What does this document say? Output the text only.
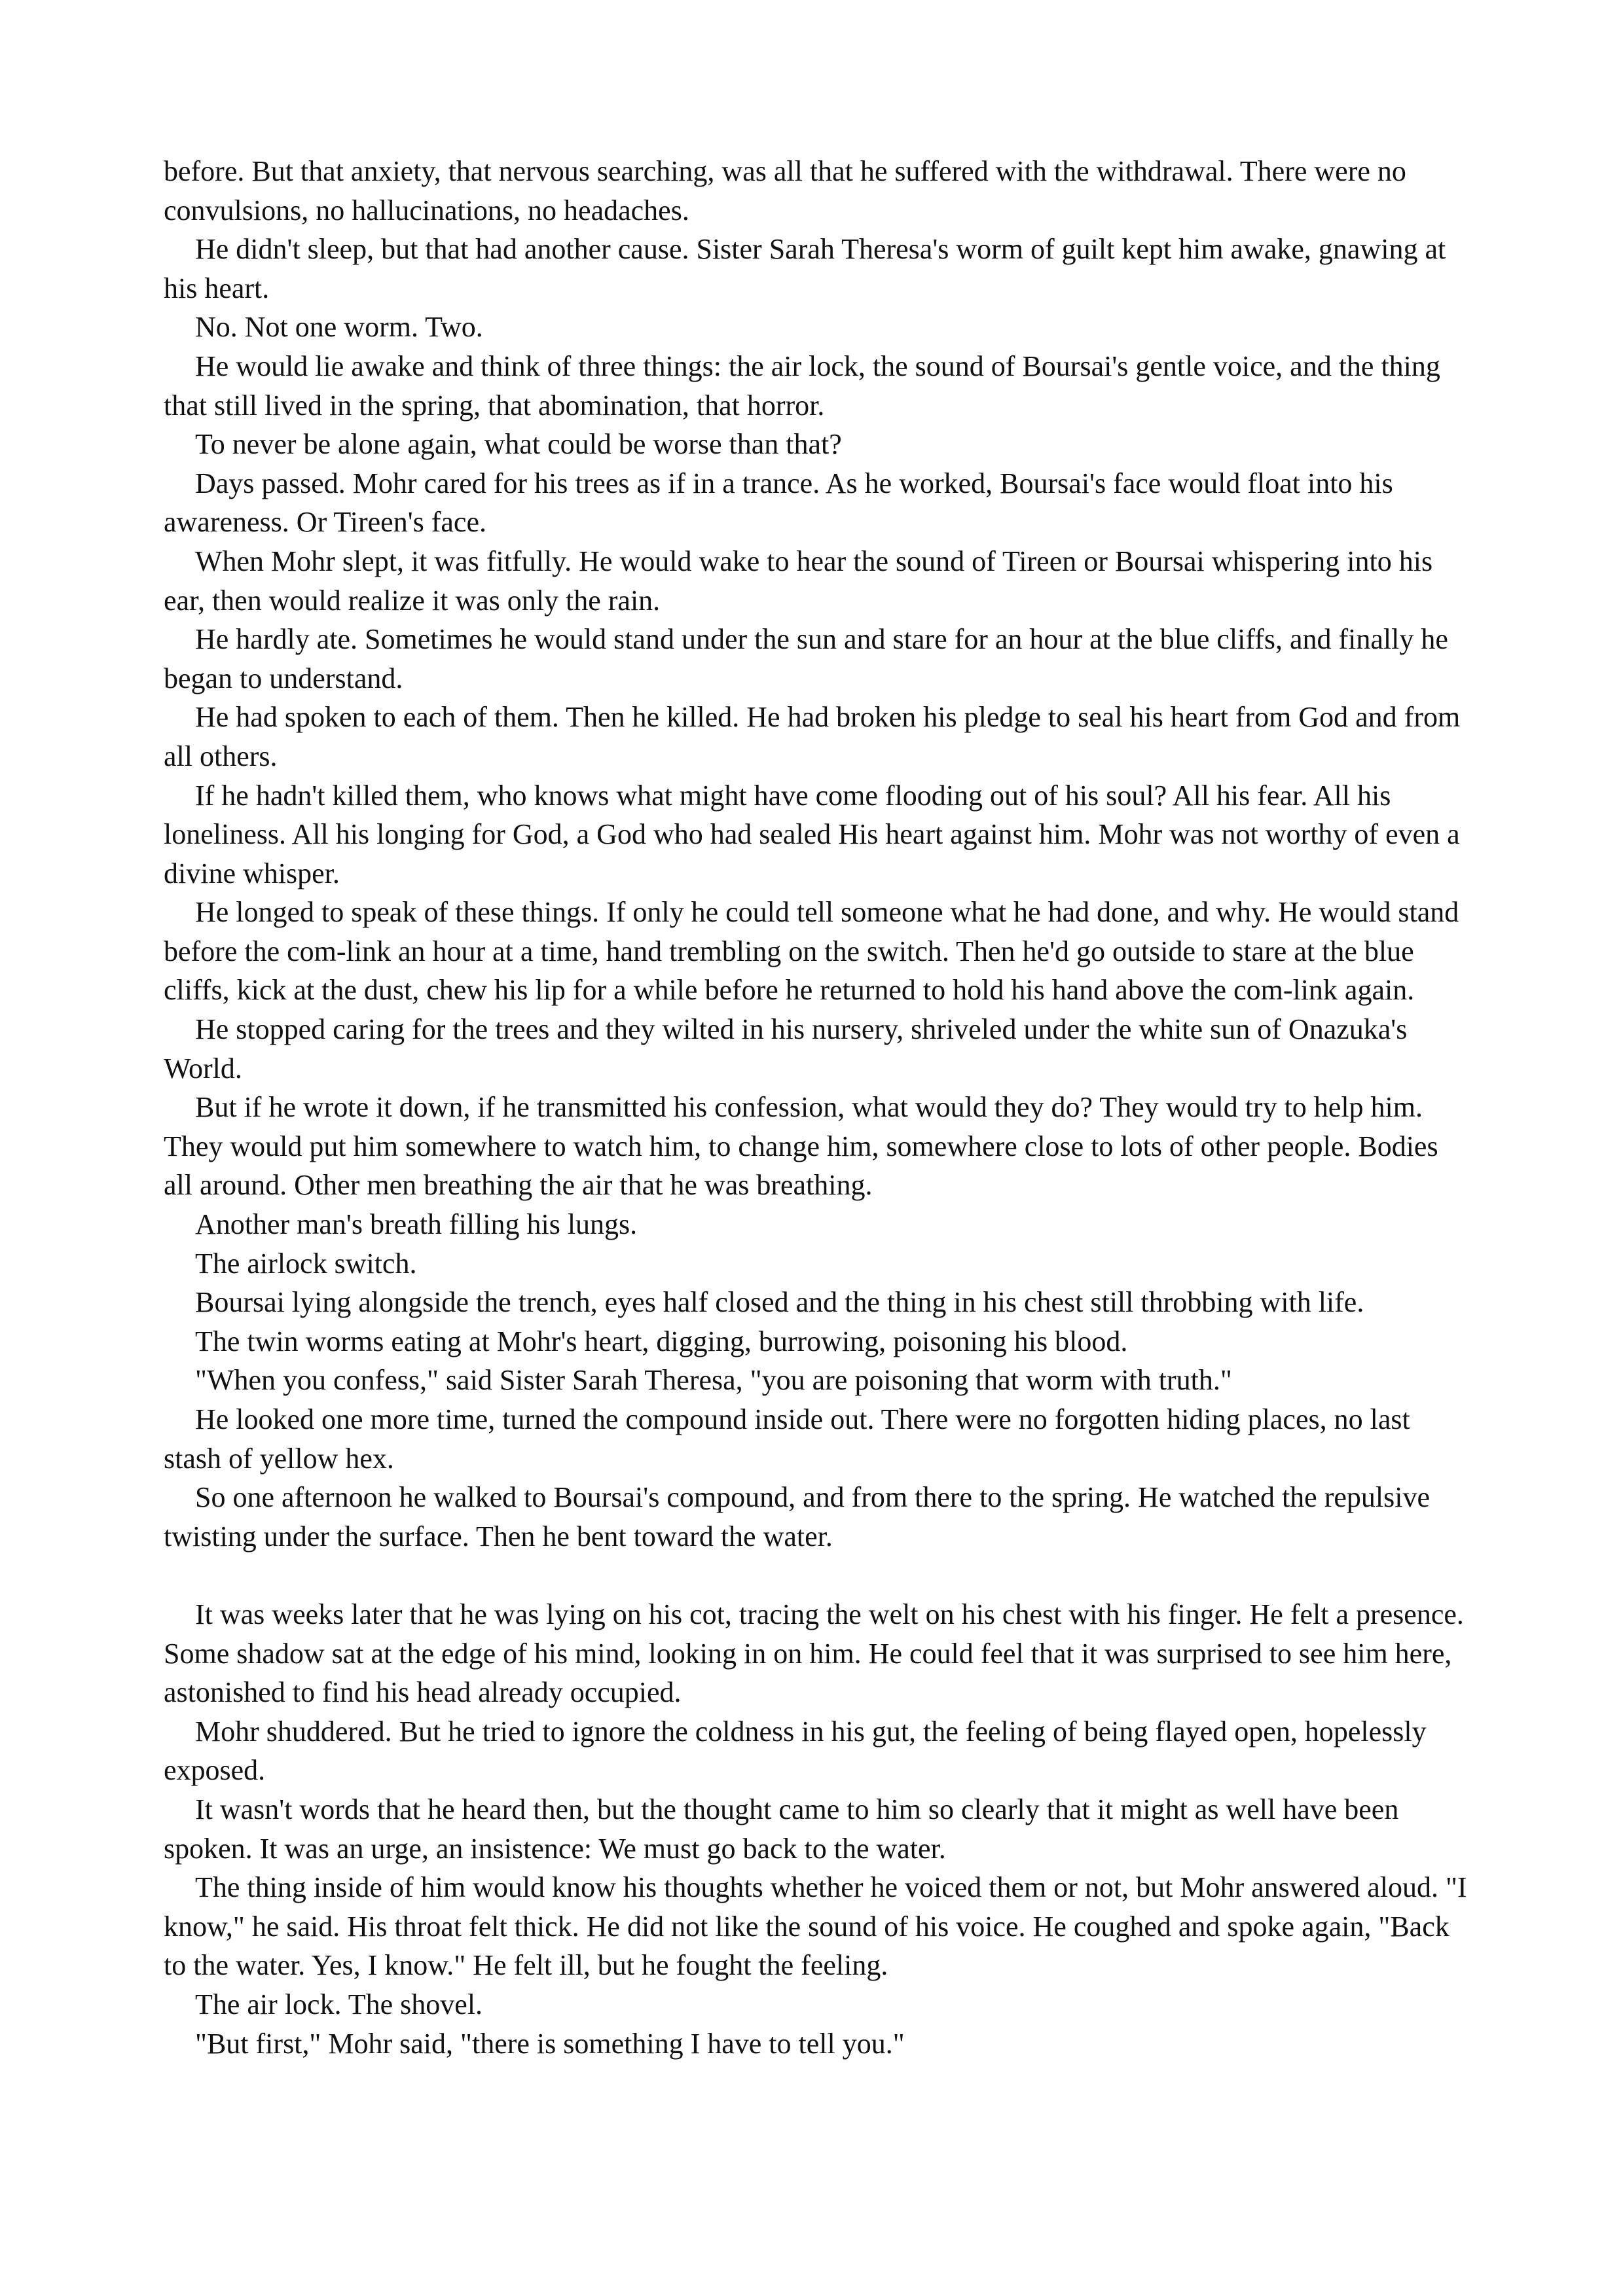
before. But that anxiety, that nervous searching, was all that he suffered with the withdrawal. There were no convulsions, no hallucinations, no headaches.

He didn't sleep, but that had another cause. Sister Sarah Theresa's worm of guilt kept him awake, gnawing at his heart.

No. Not one worm. Two.

He would lie awake and think of three things: the air lock, the sound of Boursai's gentle voice, and the thing that still lived in the spring, that abomination, that horror.

To never be alone again, what could be worse than that?

Days passed. Mohr cared for his trees as if in a trance. As he worked, Boursai's face would float into his awareness. Or Tireen's face.

When Mohr slept, it was fitfully. He would wake to hear the sound of Tireen or Boursai whispering into his ear, then would realize it was only the rain.

He hardly ate. Sometimes he would stand under the sun and stare for an hour at the blue cliffs, and finally he began to understand.

He had spoken to each of them. Then he killed. He had broken his pledge to seal his heart from God and from all others.

If he hadn't killed them, who knows what might have come flooding out of his soul? All his fear. All his loneliness. All his longing for God, a God who had sealed His heart against him. Mohr was not worthy of even a divine whisper.

He longed to speak of these things. If only he could tell someone what he had done, and why. He would stand before the com-link an hour at a time, hand trembling on the switch. Then he'd go outside to stare at the blue cliffs, kick at the dust, chew his lip for a while before he returned to hold his hand above the com-link again.

He stopped caring for the trees and they wilted in his nursery, shriveled under the white sun of Onazuka's World.

But if he wrote it down, if he transmitted his confession, what would they do? They would try to help him. They would put him somewhere to watch him, to change him, somewhere close to lots of other people. Bodies all around. Other men breathing the air that he was breathing.

Another man's breath filling his lungs.

The airlock switch.

Boursai lying alongside the trench, eyes half closed and the thing in his chest still throbbing with life.

The twin worms eating at Mohr's heart, digging, burrowing, poisoning his blood.

"When you confess," said Sister Sarah Theresa, "you are poisoning that worm with truth."

He looked one more time, turned the compound inside out. There were no forgotten hiding places, no last stash of yellow hex.

So one afternoon he walked to Boursai's compound, and from there to the spring. He watched the repulsive twisting under the surface. Then he bent toward the water.

It was weeks later that he was lying on his cot, tracing the welt on his chest with his finger. He felt a presence. Some shadow sat at the edge of his mind, looking in on him. He could feel that it was surprised to see him here, astonished to find his head already occupied.

Mohr shuddered. But he tried to ignore the coldness in his gut, the feeling of being flayed open, hopelessly exposed.

It wasn't words that he heard then, but the thought came to him so clearly that it might as well have been spoken. It was an urge, an insistence: We must go back to the water.

The thing inside of him would know his thoughts whether he voiced them or not, but Mohr answered aloud. "I know," he said. His throat felt thick. He did not like the sound of his voice. He coughed and spoke again, "Back to the water. Yes, I know." He felt ill, but he fought the feeling.

The air lock. The shovel.

"But first," Mohr said, "there is something I have to tell you."
